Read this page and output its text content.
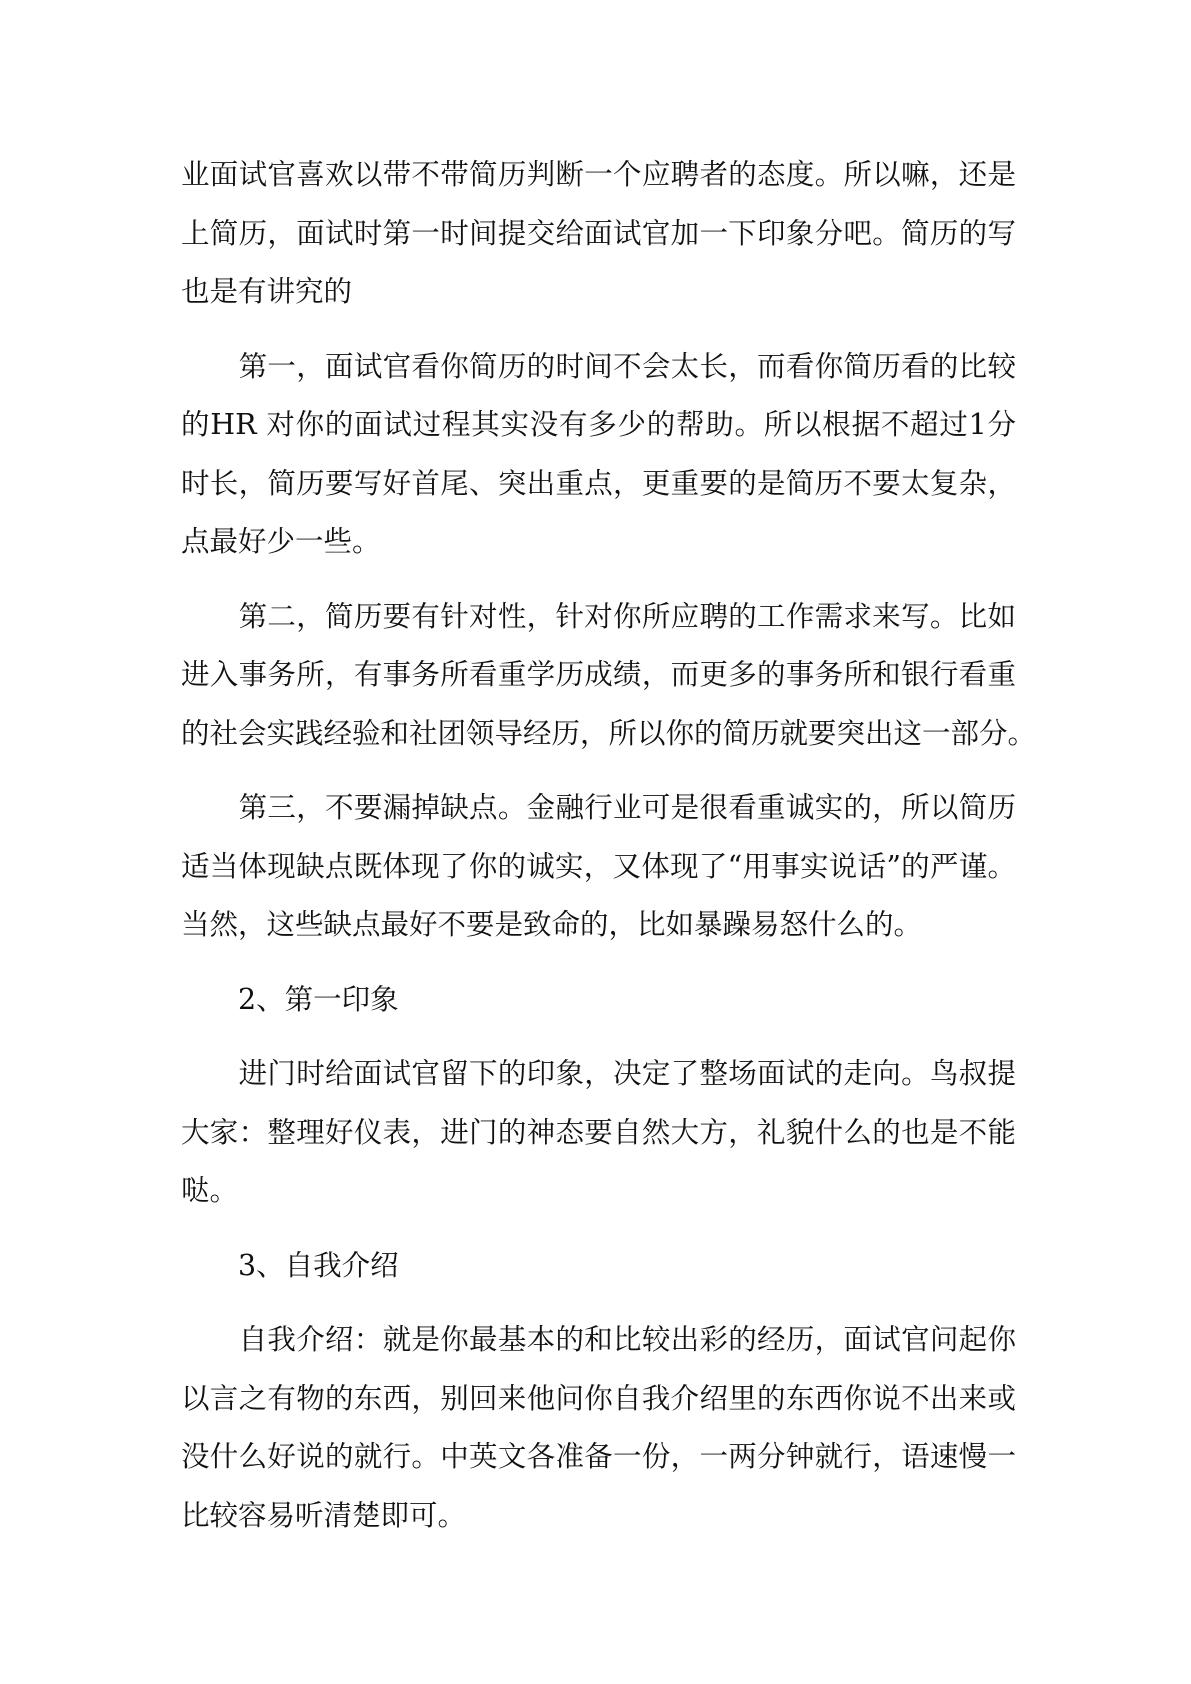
业面试官喜欢以带不带简历判断一个应聘者的态度。所以嘛，还是
上简历，面试时第一时间提交给面试官加一下印象分吧。简历的写
也是有讲究的
　　第一，面试官看你简历的时间不会太长，而看你简历看的比较
的HR 对你的面试过程其实没有多少的帮助。所以根据不超过1分
时长，简历要写好首尾、突出重点，更重要的是简历不要太复杂，
点最好少一些。
　　第二，简历要有针对性，针对你所应聘的工作需求来写。比如
进入事务所，有事务所看重学历成绩，而更多的事务所和银行看重
的社会实践经验和社团领导经历，所以你的简历就要突出这一部分。
　　第三，不要漏掉缺点。金融行业可是很看重诚实的，所以简历
适当体现缺点既体现了你的诚实，又体现了“用事实说话”的严谨。
当然，这些缺点最好不要是致命的，比如暴躁易怒什么的。
　　2、第一印象
　　进门时给面试官留下的印象，决定了整场面试的走向。鸟叔提
大家：整理好仪表，进门的神态要自然大方，礼貌什么的也是不能
哒。
　　3、自我介绍
　　自我介绍：就是你最基本的和比较出彩的经历，面试官问起你
以言之有物的东西，别回来他问你自我介绍里的东西你说不出来或
没什么好说的就行。中英文各准备一份，一两分钟就行，语速慢一
比较容易听清楚即可。
